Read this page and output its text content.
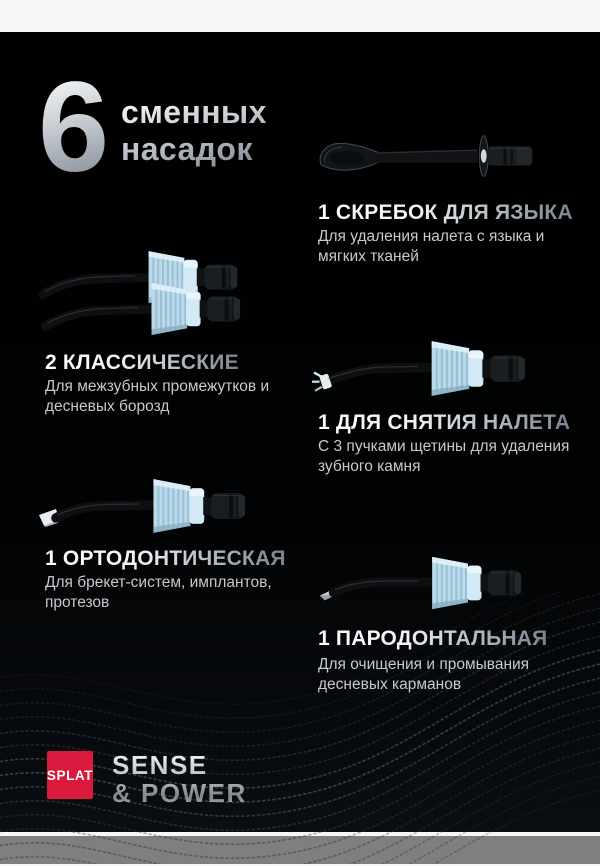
6 сменных
насадок
1 СКРЕБОК ДЛЯ ЯЗЫКА
Для удаления налета с языка и мягких тканей
2 КЛАССИЧЕСКИЕ
Для межзубных промежутков и десневых борозд
1 ДЛЯ СНЯТИЯ НАЛЕТА
С 3 пучками щетины для удаления зубного камня
1 ОРТОДОНТИЧЕСКАЯ
Для брекет-систем, имплантов, протезов
1 ПАРОДОНТАЛЬНАЯ
Для очищения и промывания десневых карманов
SPLAT SENSE
& POWER
